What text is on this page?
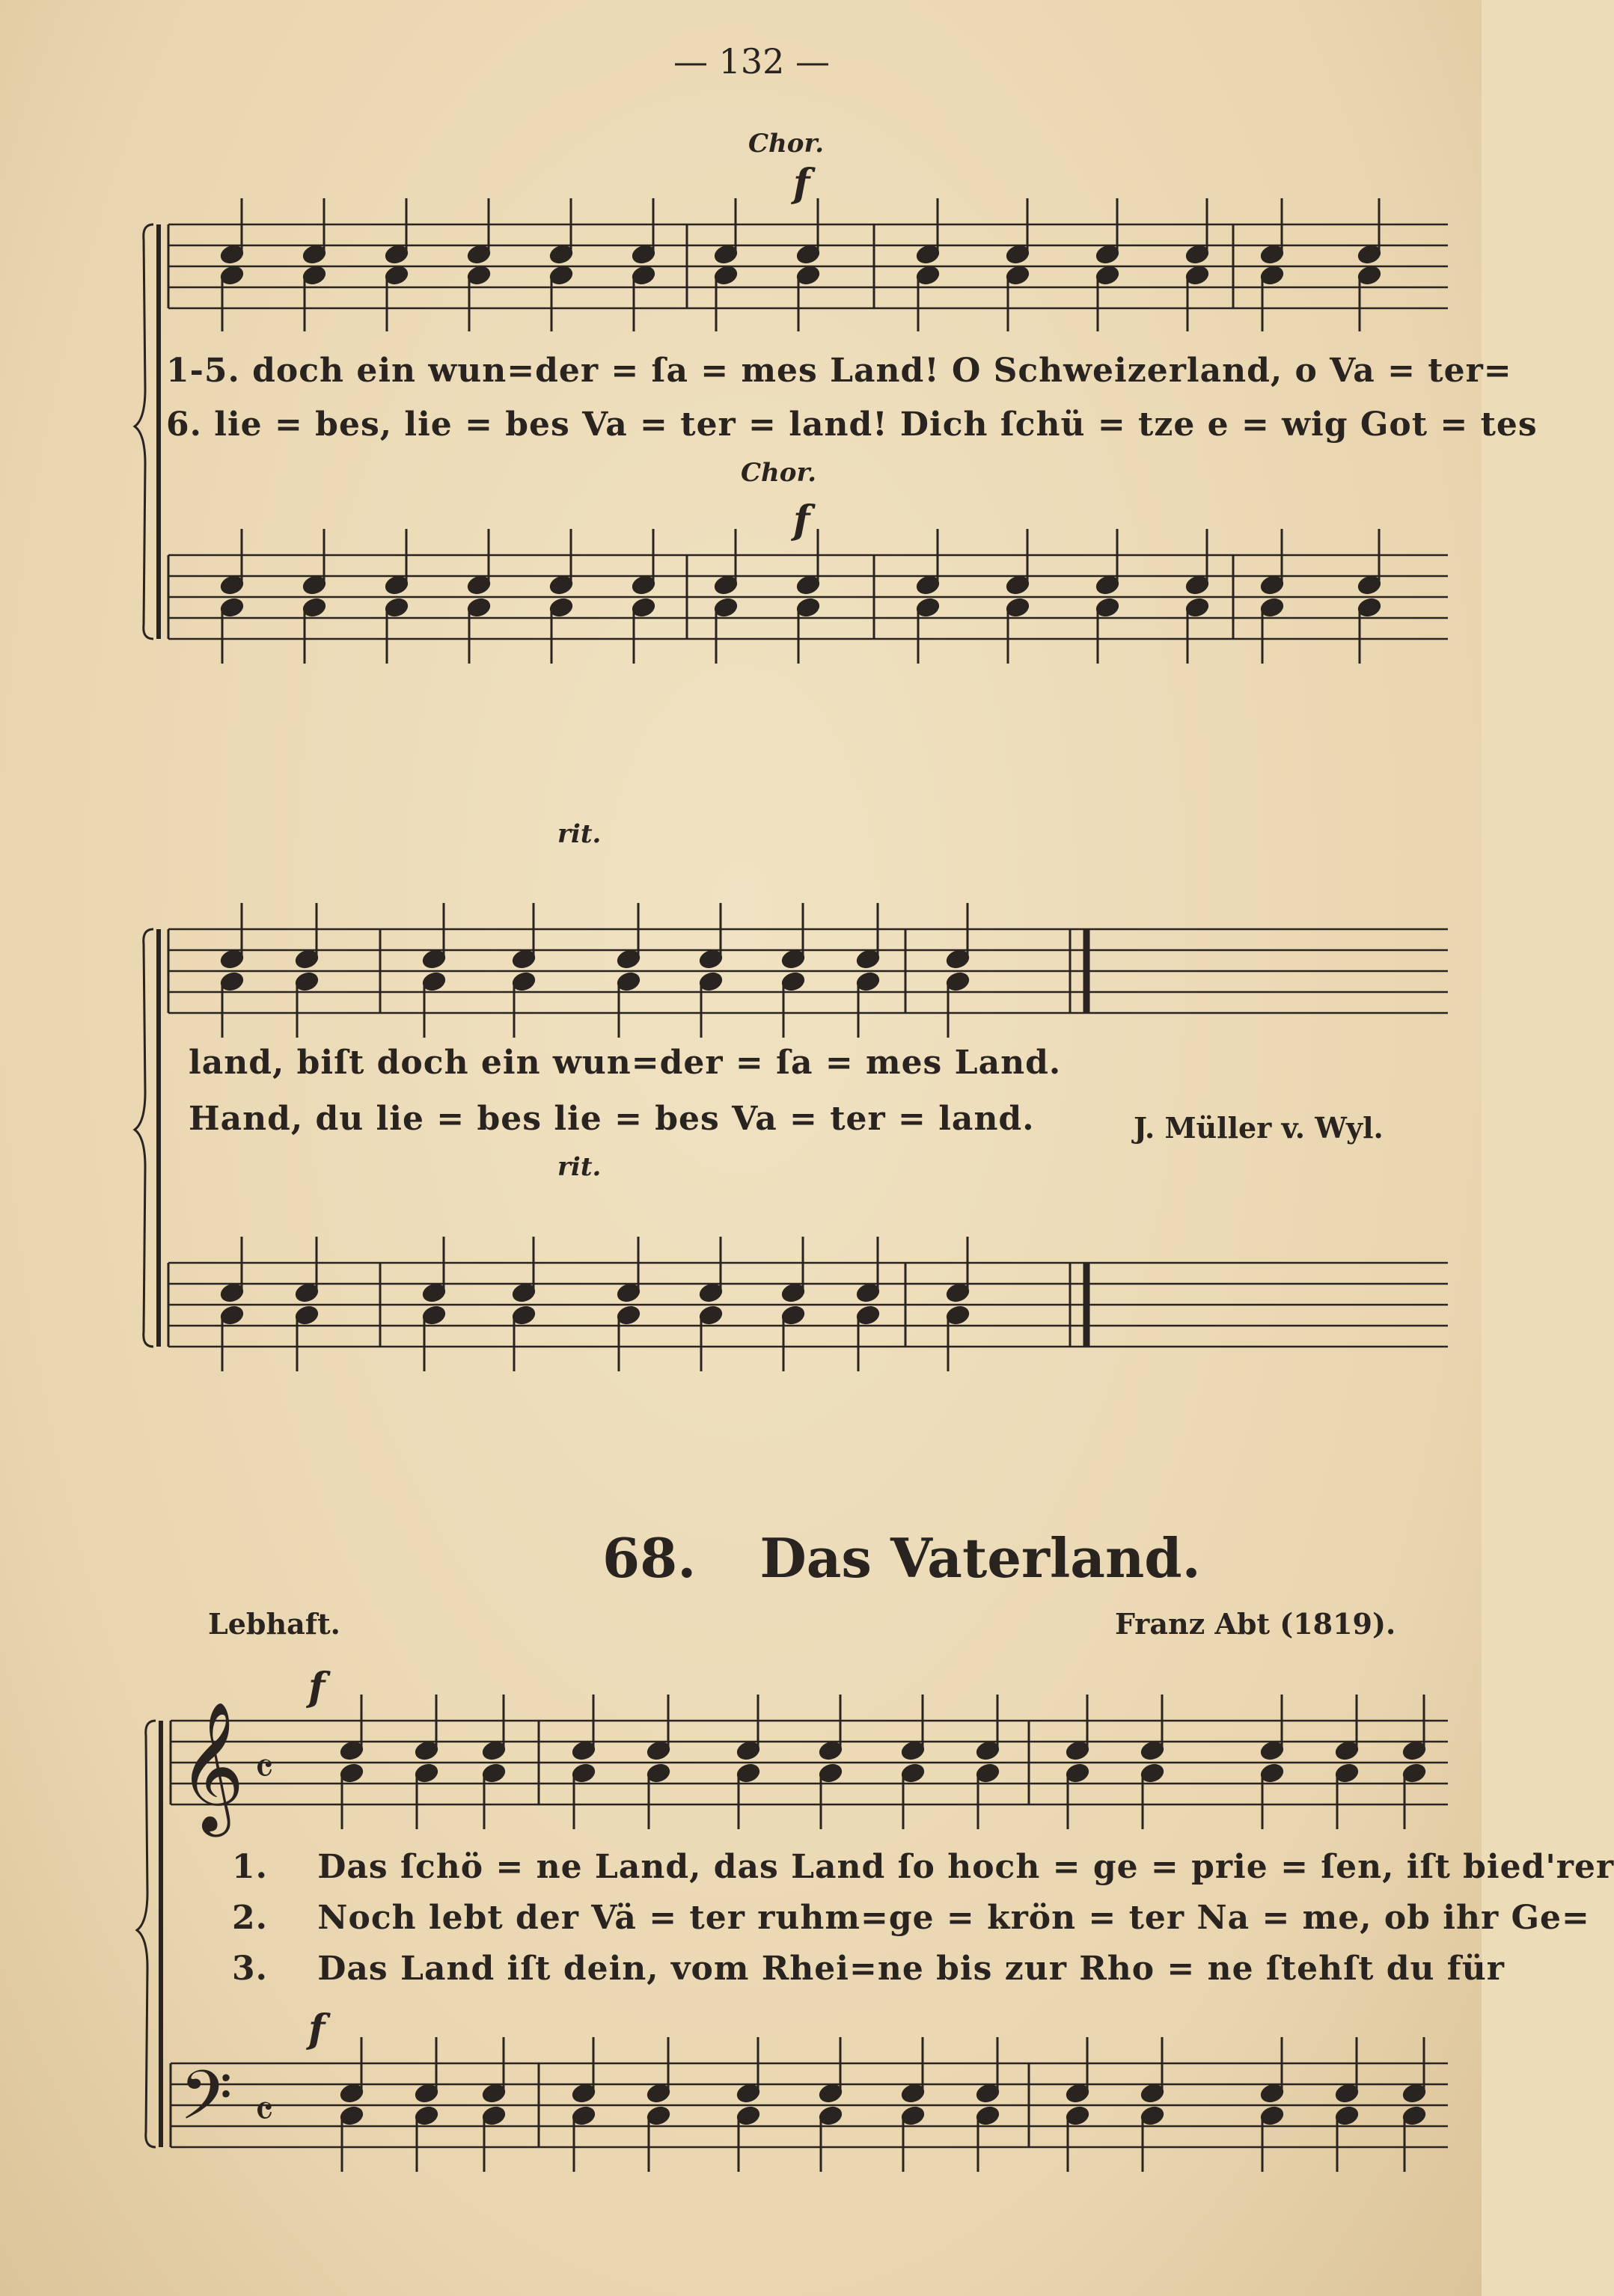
— 132 —
Chor.
f
1-5. doch ein wun=der = ſa = mes Land! O Schweizerland, o Va = ter=
6. lie = bes, lie = bes Va = ter = land! Dich ſchü = tze e = wig Got = tes
Chor.
f
rit.
land, biſt doch ein wun=der = ſa = mes Land.
Hand, du lie = bes lie = bes Va = ter = land.	J. Müller v. Wyl.
rit.
68. Das Vaterland.
Lebhaft.	Franz Abt (1819).
f
f
1. Das ſchö = ne Land, das Land ſo hoch = ge = prie = ſen, iſt bied'rer
2. Noch lebt der Vä = ter ruhm=ge = krön = ter Na = me, ob ihr Ge=
3. Das Land iſt dein, vom Rhei=ne bis zur Rho = ne ſtehſt du für
𝄞
𝄢
𝄴
𝄴
